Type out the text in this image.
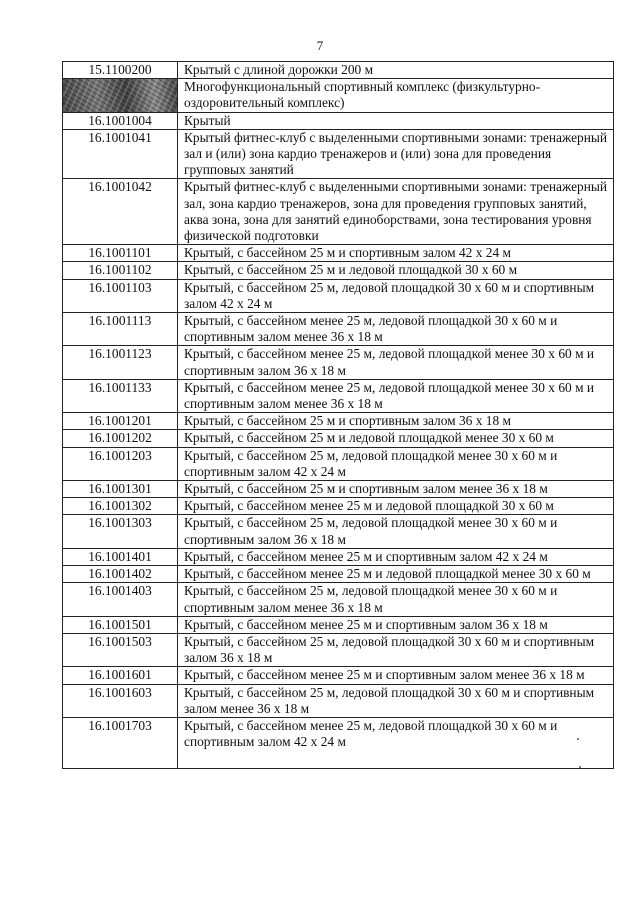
7
15.1100200	Крытый с длиной дорожки 200 м
	Многофункциональный спортивный комплекс (физкультурно-оздоровительный комплекс)
16.1001004	Крытый
16.1001041	Крытый фитнес-клуб с выделенными спортивными зонами: тренажерный зал и (или) зона кардио тренажеров и (или) зона для проведения групповых занятий
16.1001042	Крытый фитнес-клуб с выделенными спортивными зонами: тренажерный зал, зона кардио тренажеров, зона для проведения групповых занятий, аква зона, зона для занятий единоборствами, зона тестирования уровня физической подготовки
16.1001101	Крытый, с бассейном 25 м и спортивным залом 42 x 24 м
16.1001102	Крытый, с бассейном 25 м и ледовой площадкой 30 x 60 м
16.1001103	Крытый, с бассейном 25 м, ледовой площадкой 30 x 60 м и спортивным залом 42 x 24 м
16.1001113	Крытый, с бассейном менее 25 м, ледовой площадкой 30 x 60 м и спортивным залом менее 36 x 18 м
16.1001123	Крытый, с бассейном менее 25 м, ледовой площадкой менее 30 x 60 м и спортивным залом 36 x 18 м
16.1001133	Крытый, с бассейном менее 25 м, ледовой площадкой менее 30 x 60 м и спортивным залом менее 36 x 18 м
16.1001201	Крытый, с бассейном 25 м и спортивным залом 36 x 18 м
16.1001202	Крытый, с бассейном 25 м и ледовой площадкой менее 30 x 60 м
16.1001203	Крытый, с бассейном 25 м, ледовой площадкой менее 30 x 60 м и спортивным залом 42 x 24 м
16.1001301	Крытый, с бассейном 25 м и спортивным залом менее 36 x 18 м
16.1001302	Крытый, с бассейном менее 25 м и ледовой площадкой 30 x 60 м
16.1001303	Крытый, с бассейном 25 м, ледовой площадкой менее 30 x 60 м и спортивным залом 36 x 18 м
16.1001401	Крытый, с бассейном менее 25 м и спортивным залом 42 x 24 м
16.1001402	Крытый, с бассейном менее 25 м и ледовой площадкой менее 30 x 60 м
16.1001403	Крытый, с бассейном 25 м, ледовой площадкой менее 30 x 60 м и спортивным залом менее 36 x 18 м
16.1001501	Крытый, с бассейном менее 25 м и спортивным залом 36 x 18 м
16.1001503	Крытый, с бассейном 25 м, ледовой площадкой 30 x 60 м и спортивным залом 36 x 18 м
16.1001601	Крытый, с бассейном менее 25 м и спортивным залом менее 36 x 18 м
16.1001603	Крытый, с бассейном 25 м, ледовой площадкой 30 x 60 м и спортивным залом менее 36 x 18 м
16.1001703	Крытый, с бассейном менее 25 м, ледовой площадкой 30 x 60 м и спортивным залом 42 x 24 м
